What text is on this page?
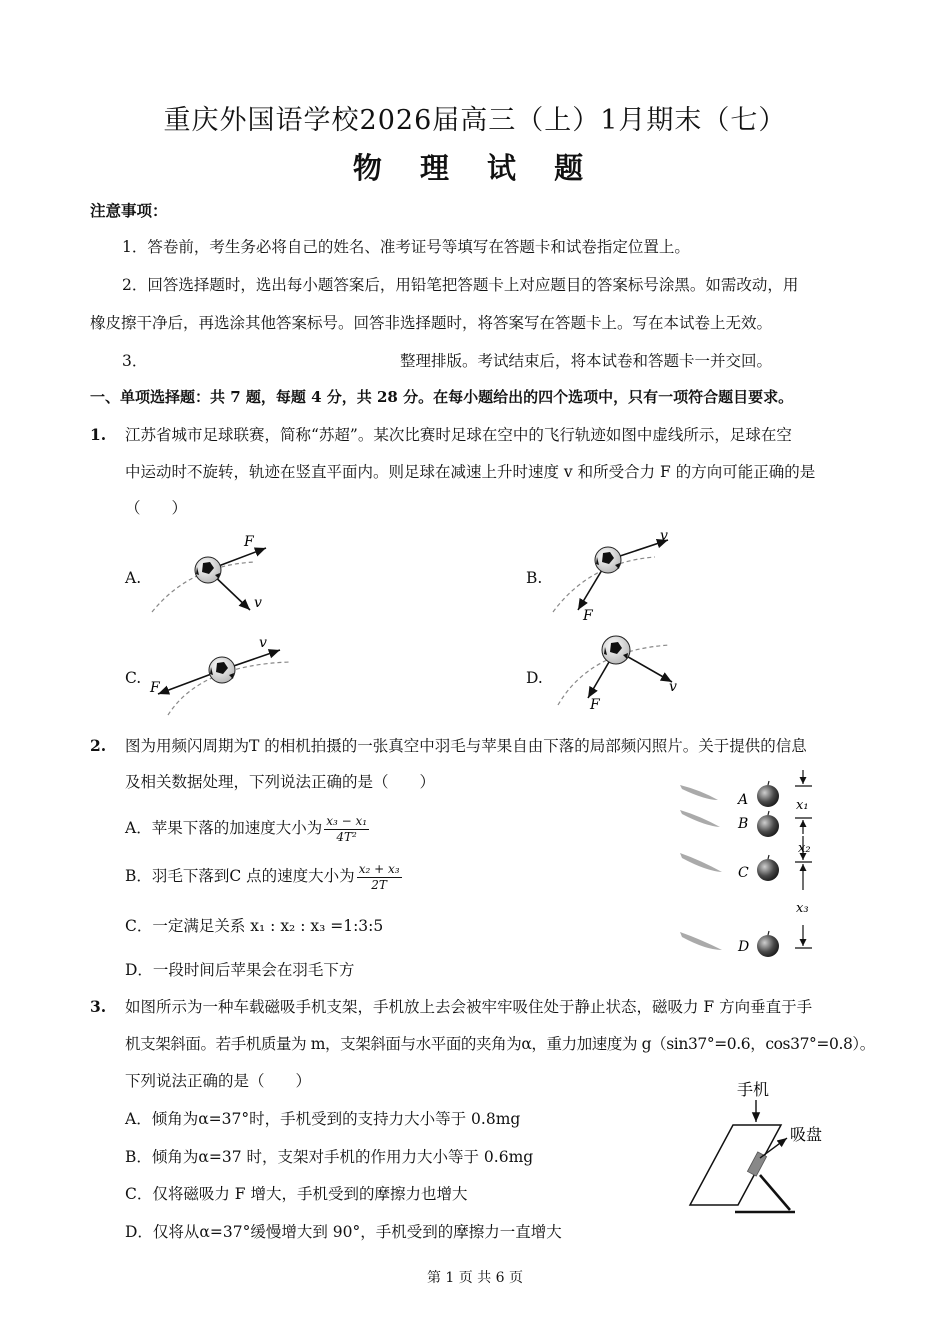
重庆外国语学校2026届高三（上）1月期末（七）
物 理 试 题
注意事项：
1．答卷前，考生务必将自己的姓名、准考证号等填写在答题卡和试卷指定位置上。
2．回答选择题时，选出每小题答案后，用铅笔把答题卡上对应题目的答案标号涂黑。如需改动，用
橡皮擦干净后，再选涂其他答案标号。回答非选择题时，将答案写在答题卡上。写在本试卷上无效。
3．	整理排版。考试结束后，将本试卷和答题卡一并交回。
一、单项选择题：共 7 题，每题 4 分，共 28 分。在每小题给出的四个选项中，只有一项符合题目要求。
1. 江苏省城市足球联赛，简称“苏超”。某次比赛时足球在空中的飞行轨迹如图中虚线所示，足球在空
中运动时不旋转，轨迹在竖直平面内。则足球在减速上升时速度 v 和所受合力 F 的方向可能正确的是
（　　）
A.	B.
C.	D.
F
v
v
F
v
F	v
F
2. 图为用频闪周期为T 的相机拍摄的一张真空中羽毛与苹果自由下落的局部频闪照片。关于提供的信息
及相关数据处理，下列说法正确的是（　　）
A．苹果下落的加速度大小为 $\frac{\text{x₃ − x₁}}{\text{4T²}}$
B．羽毛下落到C 点的速度大小为 $\frac{\text{x₂ + x₃}}{2T}$
C．一定满足关系 x₁ : x₂ : x₃ =1:3:5
D．一段时间后苹果会在羽毛下方
A
B
C
D
x₁
x₂
x₃
3. 如图所示为一种车载磁吸手机支架，手机放上去会被牢牢吸住处于静止状态，磁吸力 F 方向垂直于手
机支架斜面。若手机质量为 m，支架斜面与水平面的夹角为α，重力加速度为 g（sin37°=0.6，cos37°=0.8）。
下列说法正确的是（　　）
A．倾角为α=37°时，手机受到的支持力大小等于 0.8mg
B．倾角为α=37 时，支架对手机的作用力大小等于 0.6mg
C．仅将磁吸力 F 增大，手机受到的摩擦力也增大
D．仅将从α=37°缓慢增大到 90°，手机受到的摩擦力一直增大
手机
吸盘
第 1 页 共 6 页
